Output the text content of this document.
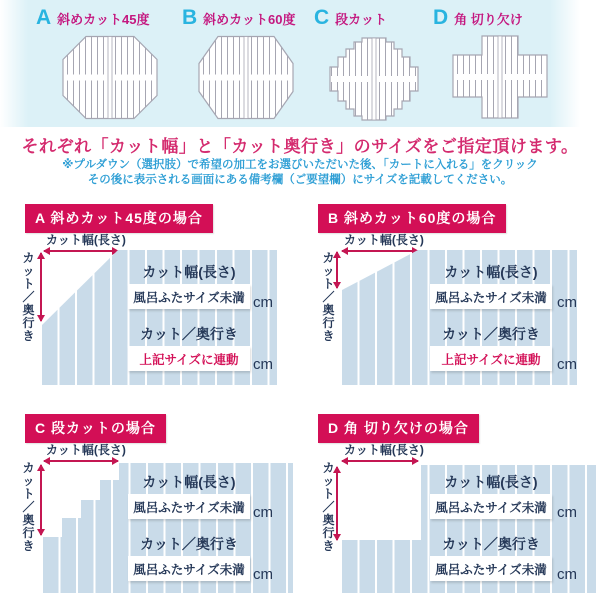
A 斜めカット45度 B 斜めカット60度 C 段カット D 角 切り欠け
それぞれ「カット幅」と「カット奥行き」のサイズをご指定頂けます。
※プルダウン（選択肢）で希望の加工をお選びいただいた後、「カートに入れる」をクリック
その後に表示される画面にある備考欄（ご要望欄）にサイズを記載してください。
A 斜めカット45度の場合
カット幅(長さ)
カット／奥行き
カット幅(長さ)
風呂ふたサイズ未満 cm
カット／奥行き
上記サイズに連動 cm
B 斜めカット60度の場合
カット幅(長さ)
カット／奥行き
カット幅(長さ)
風呂ふたサイズ未満 cm
カット／奥行き
上記サイズに連動 cm
C 段カットの場合
カット幅(長さ)
カット／奥行き
カット幅(長さ)
風呂ふたサイズ未満 cm
カット／奥行き
風呂ふたサイズ未満 cm
D 角 切り欠けの場合
カット幅(長さ)
カット／奥行き
カット幅(長さ)
風呂ふたサイズ未満 cm
カット／奥行き
風呂ふたサイズ未満 cm
